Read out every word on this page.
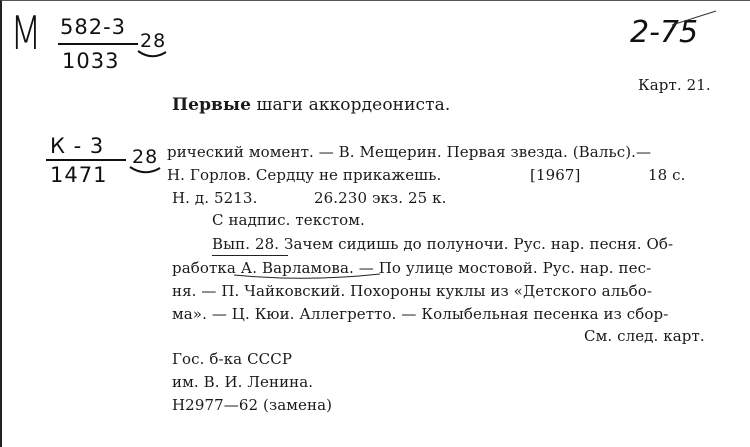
М 582-3
1033
28
К - 3
1471
28
2-75
Карт. 21.
Первые шаги аккордеониста.
рический момент. — В. Мещерин. Первая звезда. (Вальс).—
Н. Горлов. Сердцу не прикажешь.	[1967]	18 с.
Н. д. 5213.	26.230 экз. 25 к.
С надпис. текстом.
Вып. 28. Зачем сидишь до полуночи. Рус. нар. песня. Об-
работка А. Варламова. — По улице мостовой. Рус. нар. пес-
ня. — П. Чайковский. Похороны куклы из «Детского альбо-
ма». — Ц. Кюи. Аллегретто. — Колыбельная песенка из сбор-
См. след. карт.
Гос. б-ка СССР
им. В. И. Ленина.
Н2977—62 (замена)
